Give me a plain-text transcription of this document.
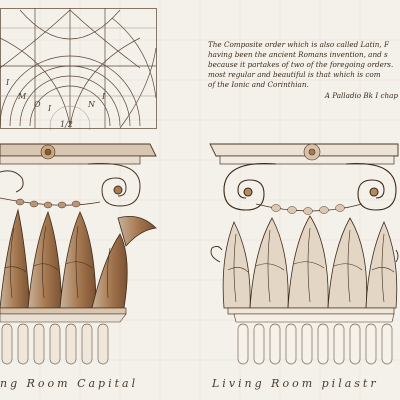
I
M
O I	N
I
1/2
The Composite order which is also called Latin, F
having been the ancient Romans invention, and s
because it partakes of two of the foregoing orders.
most regular and beautiful is that which is com
of the Ionic and Corinthian.
A Palladio Bk I chap
ng Room Capital	Living Room pilastr
